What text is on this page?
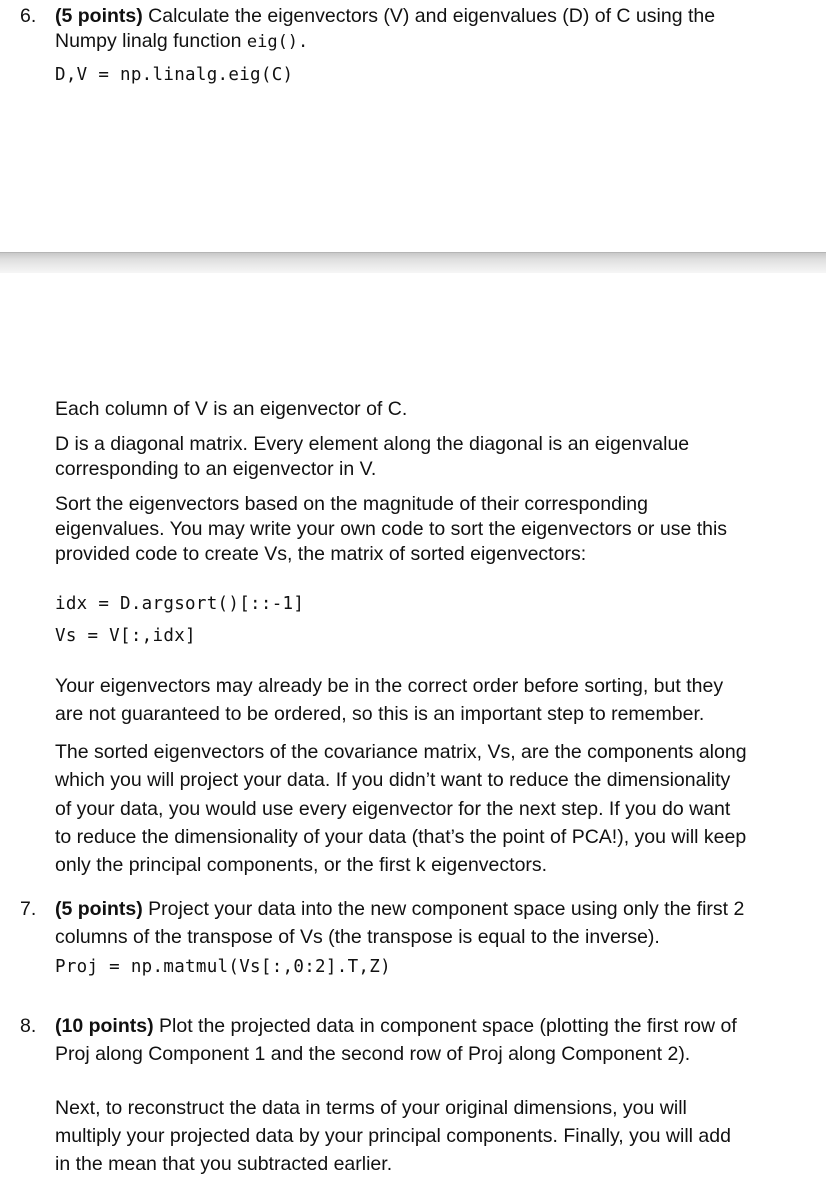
6. (5 points) Calculate the eigenvectors (V) and eigenvalues (D) of C using the
Numpy linalg function eig().
D,V = np.linalg.eig(C)
Each column of V is an eigenvector of C.
D is a diagonal matrix. Every element along the diagonal is an eigenvalue
corresponding to an eigenvector in V.
Sort the eigenvectors based on the magnitude of their corresponding
eigenvalues. You may write your own code to sort the eigenvectors or use this
provided code to create Vs, the matrix of sorted eigenvectors:
idx = D.argsort()[::-1]
Vs = V[:,idx]
Your eigenvectors may already be in the correct order before sorting, but they
are not guaranteed to be ordered, so this is an important step to remember.
The sorted eigenvectors of the covariance matrix, Vs, are the components along
which you will project your data. If you didn’t want to reduce the dimensionality
of your data, you would use every eigenvector for the next step. If you do want
to reduce the dimensionality of your data (that’s the point of PCA!), you will keep
only the principal components, or the first k eigenvectors.
7. (5 points) Project your data into the new component space using only the first 2
columns of the transpose of Vs (the transpose is equal to the inverse).
Proj = np.matmul(Vs[:,0:2].T,Z)
8. (10 points) Plot the projected data in component space (plotting the first row of
Proj along Component 1 and the second row of Proj along Component 2).
Next, to reconstruct the data in terms of your original dimensions, you will
multiply your projected data by your principal components. Finally, you will add
in the mean that you subtracted earlier.
